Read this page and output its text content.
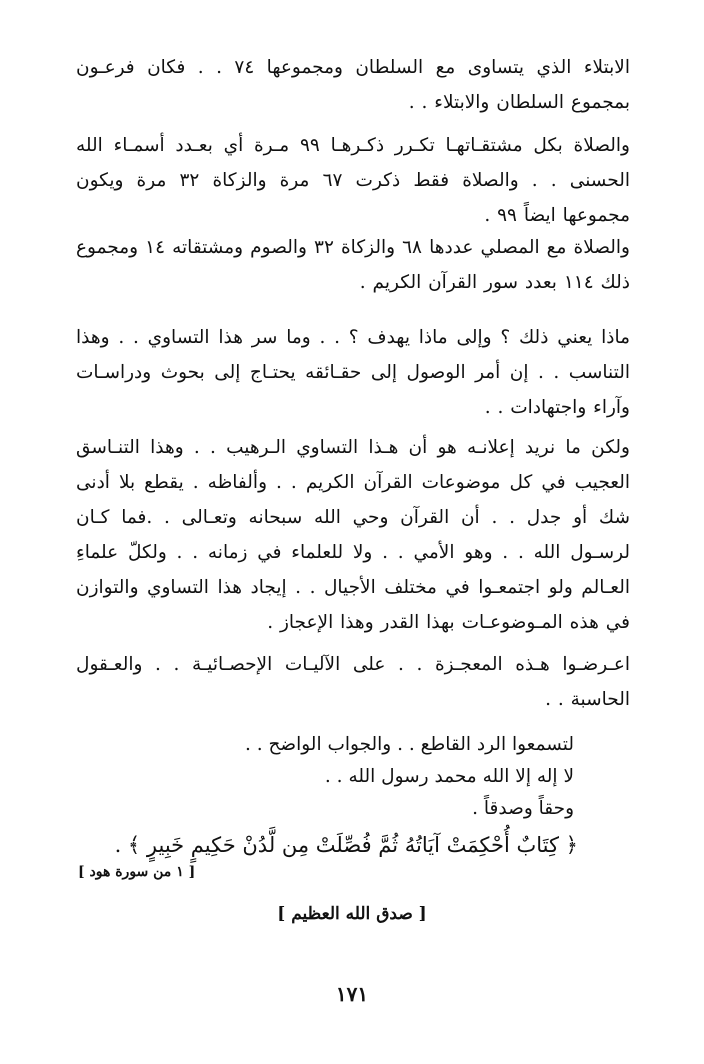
الابتلاء الذي يتساوى مع السلطان ومجموعها ٧٤ . . فكان فرعـون بمجموع السلطان والابتلاء . .

والصلاة بكل مشتقـاتهـا تكـرر ذكـرهـا ٩٩ مـرة أي بعـدد أسمـاء الله الحسنى . . والصلاة فقط ذكرت ٦٧ مرة والزكاة ٣٢ مرة ويكون مجموعها ايضاً ٩٩ .

والصلاة مع المصلي عددها ٦٨ والزكاة ٣٢ والصوم ومشتقاته ١٤ ومجموع ذلك ١١٤ بعدد سور القرآن الكريم .

ماذا يعني ذلك ؟ وإلى ماذا يهدف ؟ . . وما سر هذا التساوي . . وهذا التناسب . . إن أمر الوصول إلى حقـائقه يحتـاج إلى بحوث ودراسـات وآراء واجتهادات . .

ولكن ما نريد إعلانـه هو أن هـذا التساوي الـرهيب . . وهذا التنـاسق العجيب في كل موضوعات القرآن الكريم . . وألفاظه . يقطع بلا أدنى شك أو جدل . . أن القرآن وحي الله سبحانه وتعـالى . .فما كـان لرسـول الله . . وهو الأمي . . ولا للعلماء في زمانه . . ولكلّ علماءِ العـالم ولو اجتمعـوا في مختلف الأجيال . . إيجاد هذا التساوي والتوازن في هذه المـوضوعـات بهذا القدر وهذا الإعجاز .

اعـرضـوا هـذه المعجـزة . . على الآليـات الإحصـائيـة . . والعـقول الحاسبة . .

لتسمعوا الرد القاطع . . والجواب الواضح . .

لا إله إلا الله محمد رسول الله . .

وحقاً وصدقاً .

﴿ كِتَابٌ أُحْكِمَتْ آيَاتُهُ ثُمَّ فُصِّلَتْ مِن لَّدُنْ حَكِيمٍ خَبِيرٍ ﴾ .

[ ١ من سورة هود ]
[ صدق الله العظيم ]
١٧١
